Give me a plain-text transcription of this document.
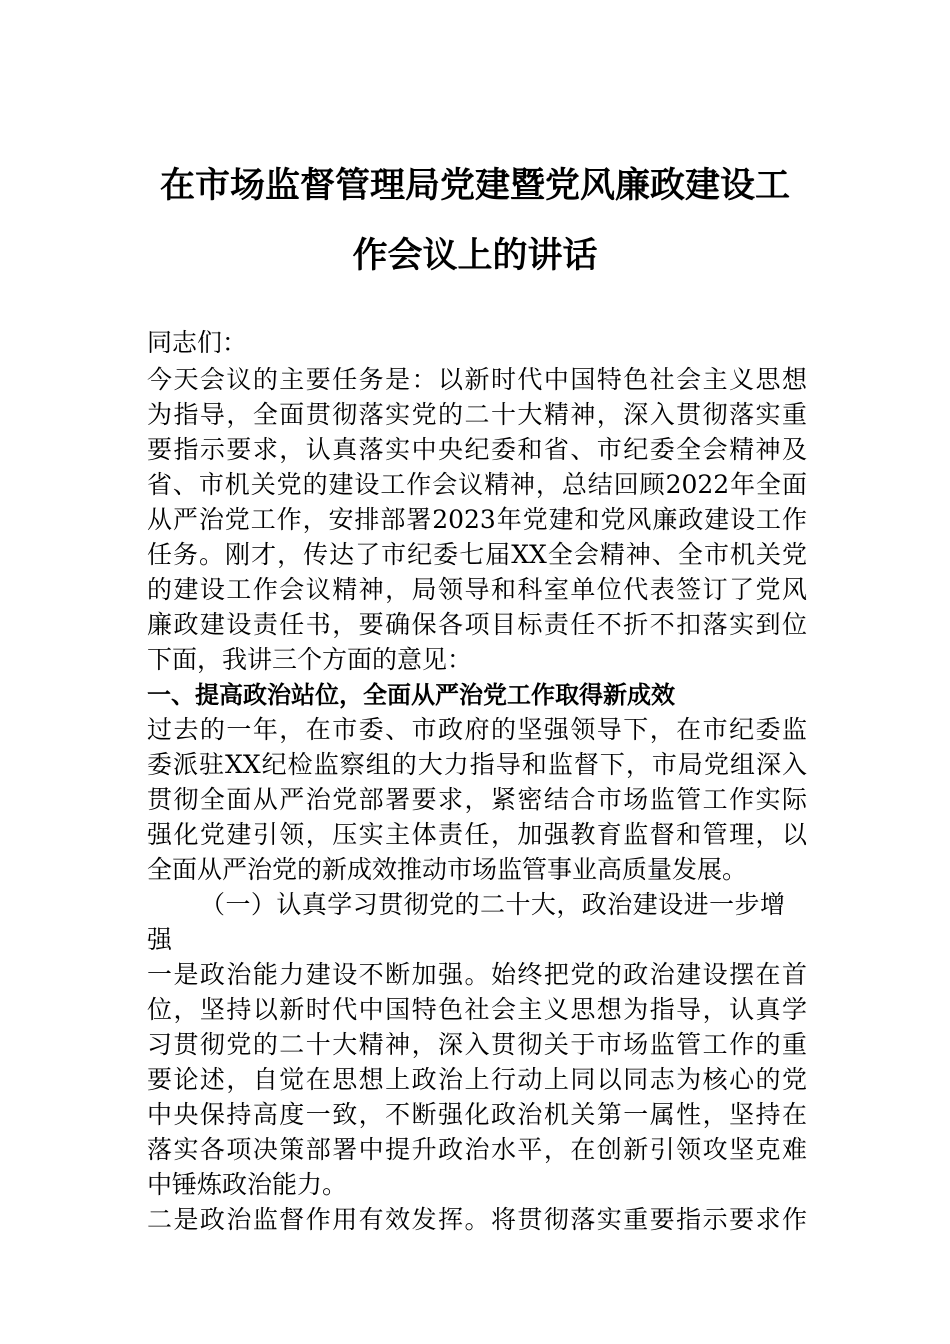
在市场监督管理局党建暨党风廉政建设工
作会议上的讲话
同志们：
今天会议的主要任务是：以新时代中国特色社会主义思想
为指导，全面贯彻落实党的二十大精神，深入贯彻落实重
要指示要求，认真落实中央纪委和省、市纪委全会精神及
省、市机关党的建设工作会议精神，总结回顾2022年全面
从严治党工作，安排部署2023年党建和党风廉政建设工作
任务。刚才，传达了市纪委七届XX全会精神、全市机关党
的建设工作会议精神，局领导和科室单位代表签订了党风
廉政建设责任书，要确保各项目标责任不折不扣落实到位
下面，我讲三个方面的意见：
一、提高政治站位，全面从严治党工作取得新成效
过去的一年，在市委、市政府的坚强领导下，在市纪委监
委派驻XX纪检监察组的大力指导和监督下，市局党组深入
贯彻全面从严治党部署要求，紧密结合市场监管工作实际
强化党建引领，压实主体责任，加强教育监督和管理，以
全面从严治党的新成效推动市场监管事业高质量发展。
（一）认真学习贯彻党的二十大，政治建设进一步增
强
一是政治能力建设不断加强。始终把党的政治建设摆在首
位，坚持以新时代中国特色社会主义思想为指导，认真学
习贯彻党的二十大精神，深入贯彻关于市场监管工作的重
要论述，自觉在思想上政治上行动上同以同志为核心的党
中央保持高度一致，不断强化政治机关第一属性，坚持在
落实各项决策部署中提升政治水平，在创新引领攻坚克难
中锤炼政治能力。
二是政治监督作用有效发挥。将贯彻落实重要指示要求作
